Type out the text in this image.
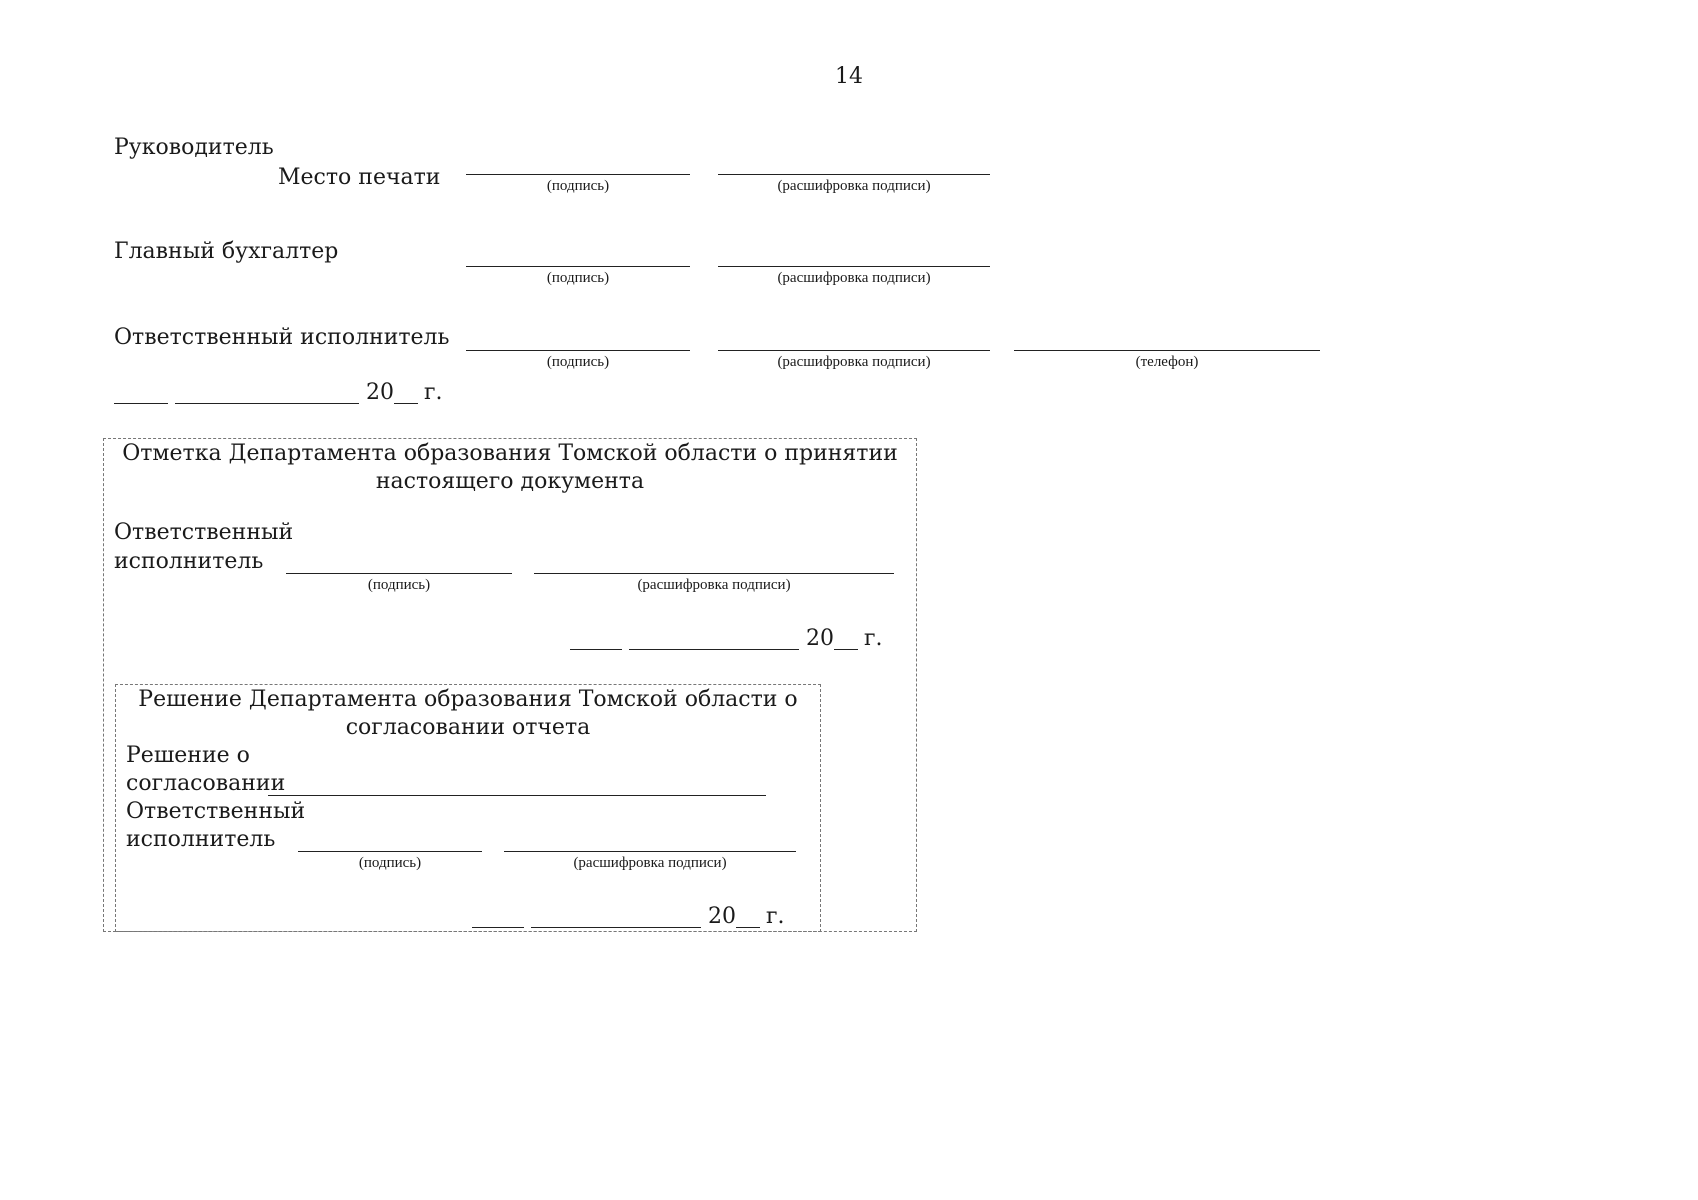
14
Руководитель
Место печати	(подпись)	(расшифровка подписи)
Главный бухгалтер
(подпись)	(расшифровка подписи)
Ответственный исполнитель
(подпись)	(расшифровка подписи)	(телефон)
20 г.
Отметка Департамента образования Томской области о принятии
настоящего документа
Ответственный
исполнитель
(подпись)	(расшифровка подписи)
20 г.
Решение Департамента образования Томской области о
согласовании отчета
Решение о
согласовании
Ответственный
исполнитель
(подпись)	(расшифровка подписи)
20 г.
